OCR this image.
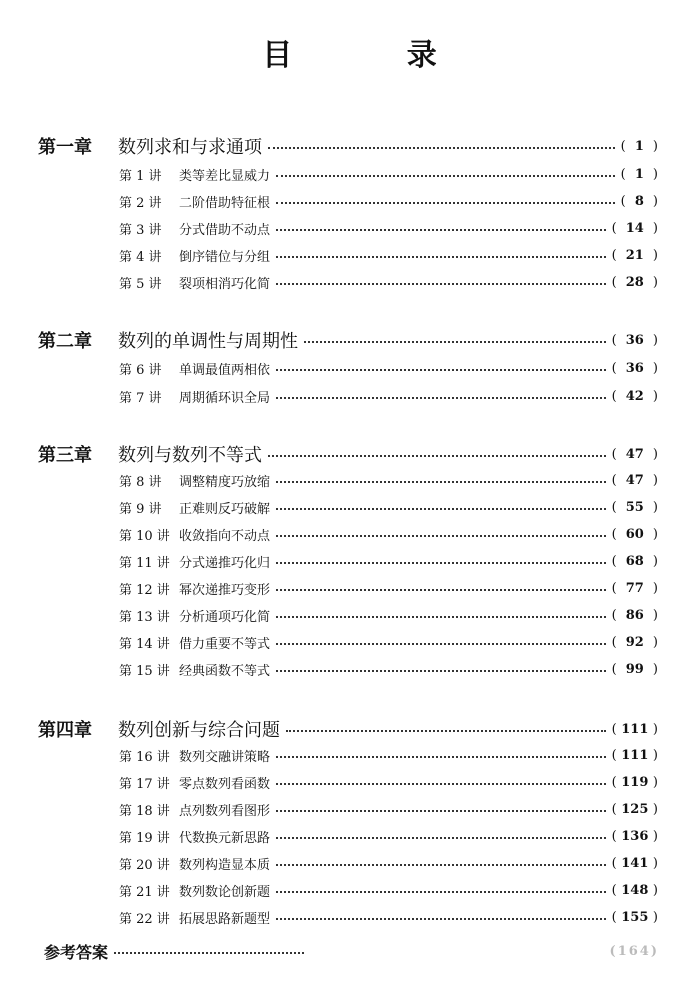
目 录
第一章 数列求和与求通项	( 1 )
第 1 讲 类等差比显威力	( 1 )
第 2 讲 二阶借助特征根	( 8 )
第 3 讲 分式借助不动点	( 14 )
第 4 讲 倒序错位与分组	( 21 )
第 5 讲 裂项相消巧化简	( 28 )
第二章 数列的单调性与周期性	( 36 )
第 6 讲 单调最值两相依	( 36 )
第 7 讲 周期循环识全局	( 42 )
第三章 数列与数列不等式	( 47 )
第 8 讲 调整精度巧放缩	( 47 )
第 9 讲 正难则反巧破解	( 55 )
第 10 讲 收敛指向不动点	( 60 )
第 11 讲 分式递推巧化归	( 68 )
第 12 讲 幂次递推巧变形	( 77 )
第 13 讲 分析通项巧化简	( 86 )
第 14 讲 借力重要不等式	( 92 )
第 15 讲 经典函数不等式	( 99 )
第四章 数列创新与综合问题	( 111 )
第 16 讲 数列交融讲策略	( 111 )
第 17 讲 零点数列看函数	( 119 )
第 18 讲 点列数列看图形	( 125 )
第 19 讲 代数换元新思路	( 136 )
第 20 讲 数列构造显本质	( 141 )
第 21 讲 数列数论创新题	( 148 )
第 22 讲 拓展思路新题型	( 155 )
参考答案	(164)
